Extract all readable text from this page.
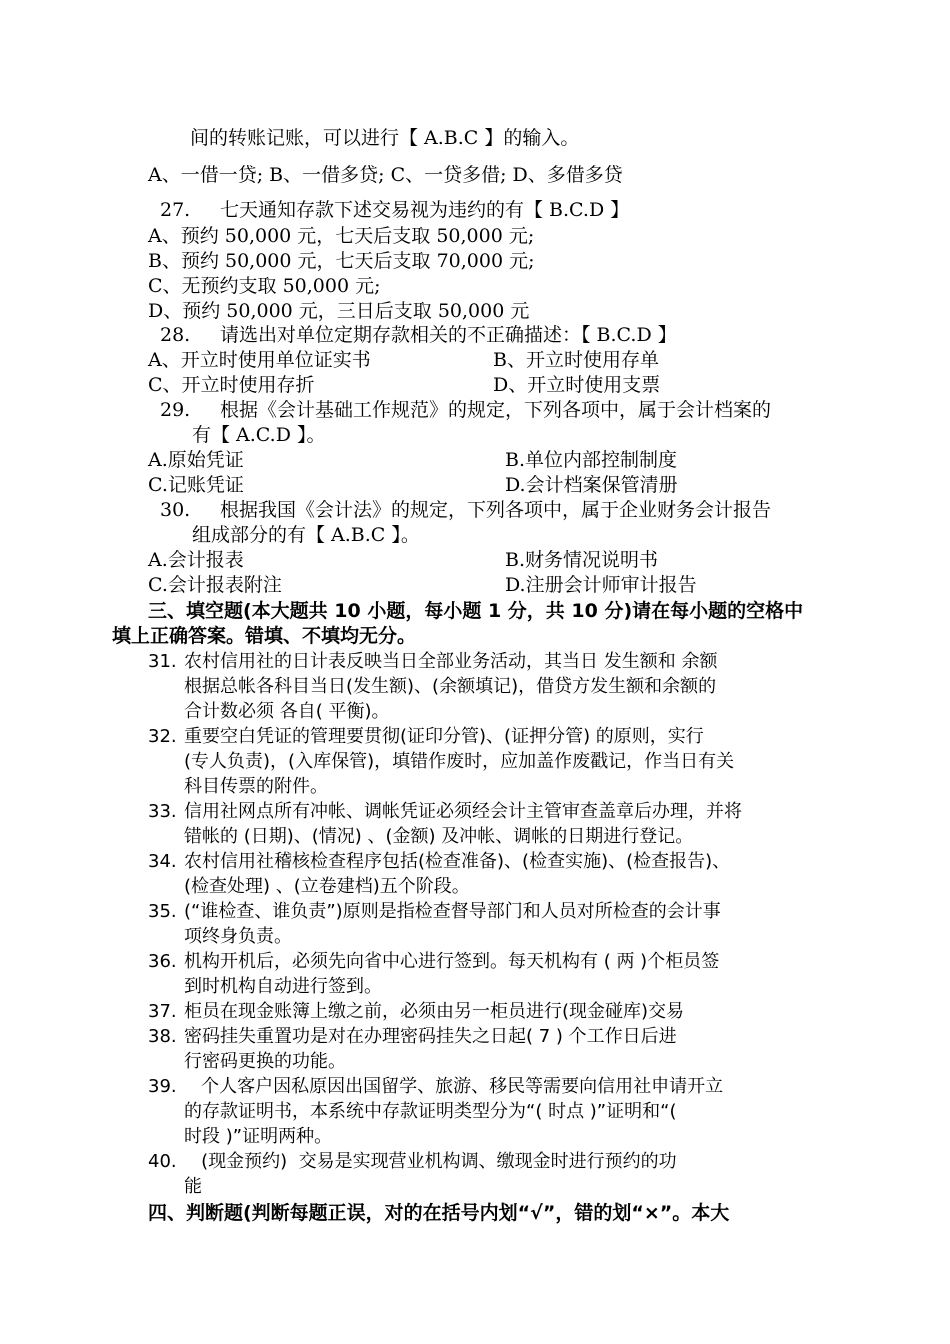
间的转账记账，可以进行【 A.B.C 】的输入。
A、一借一贷; B、一借多贷; C、一贷多借; D、多借多贷
27. 七天通知存款下述交易视为违约的有【 B.C.D 】
A、预约 50,000 元，七天后支取 50,000 元;
B、预约 50,000 元，七天后支取 70,000 元;
C、无预约支取 50,000 元;
D、预约 50,000 元，三日后支取 50,000 元
28. 请选出对单位定期存款相关的不正确描述：【 B.C.D 】
A、开立时使用单位证实书	B、开立时使用存单
C、开立时使用存折	D、开立时使用支票
29. 根据《会计基础工作规范》的规定，下列各项中，属于会计档案的
有【 A.C.D 】。
A.原始凭证	B.单位内部控制制度
C.记账凭证	D.会计档案保管清册
30. 根据我国《会计法》的规定，下列各项中，属于企业财务会计报告
组成部分的有【 A.B.C 】。
A.会计报表	B.财务情况说明书
C.会计报表附注	D.注册会计师审计报告
三、填空题(本大题共 10 小题，每小题 1 分，共 10 分)请在每小题的空格中
填上正确答案。错填、不填均无分。
31. 农村信用社的日计表反映当日全部业务活动，其当日 发生额和 余额
根据总帐各科目当日(发生额)、(余额填记)，借贷方发生额和余额的
合计数必须 各自( 平衡)。
32. 重要空白凭证的管理要贯彻(证印分管)、(证押分管) 的原则，实行
(专人负责)，(入库保管)，填错作废时，应加盖作废戳记，作当日有关
科目传票的附件。
33. 信用社网点所有冲帐、调帐凭证必须经会计主管审查盖章后办理，并将
错帐的 (日期)、(情况) 、(金额) 及冲帐、调帐的日期进行登记。
34. 农村信用社稽核检查程序包括(检查准备)、(检查实施)、(检查报告)、
(检查处理) 、(立卷建档)五个阶段。
35. (“谁检查、谁负责”)原则是指检查督导部门和人员对所检查的会计事
项终身负责。
36. 机构开机后，必须先向省中心进行签到。每天机构有 ( 两 )个柜员签
到时机构自动进行签到。
37. 柜员在现金账簿上缴之前，必须由另一柜员进行(现金碰库)交易
38. 密码挂失重置功是对在办理密码挂失之日起( 7 ) 个工作日后进
行密码更换的功能。
39.   个人客户因私原因出国留学、旅游、移民等需要向信用社申请开立
的存款证明书，本系统中存款证明类型分为“( 时点 )”证明和“(
时段 )”证明两种。
40.   (现金预约)  交易是实现营业机构调、缴现金时进行预约的功
能
四、判断题(判断每题正误，对的在括号内划“√”，错的划“×”。本大
